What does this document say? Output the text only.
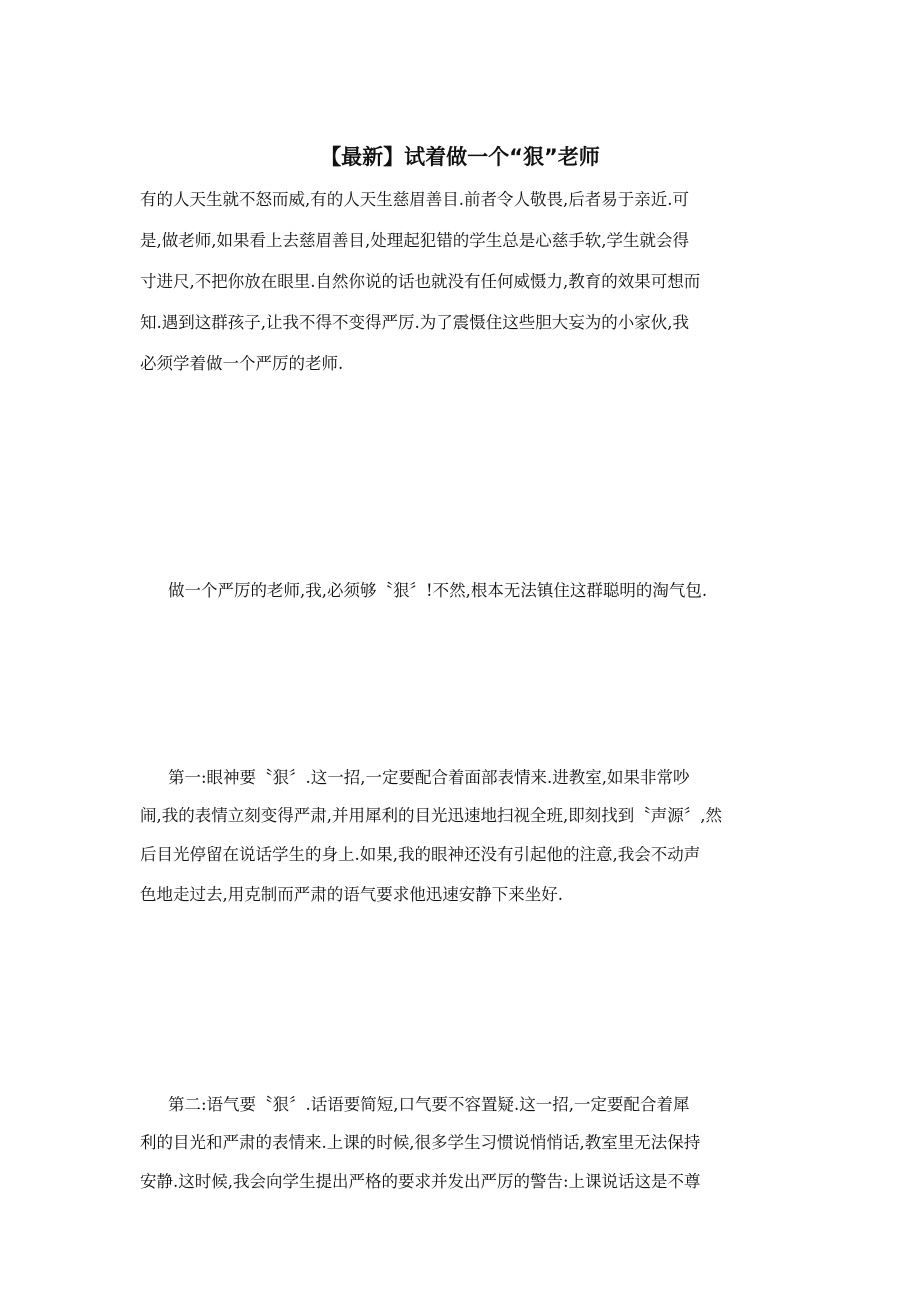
【最新】试着做一个“狠”老师
有的人天生就不怒而威,有的人天生慈眉善目.前者令人敬畏,后者易于亲近.可
是,做老师,如果看上去慈眉善目,处理起犯错的学生总是心慈手软,学生就会得
寸进尺,不把你放在眼里.自然你说的话也就没有任何威慑力,教育的效果可想而
知.遇到这群孩子,让我不得不变得严厉.为了震慑住这些胆大妄为的小家伙,我
必须学着做一个严厉的老师.
做一个严厉的老师,我,必须够〝狠〞!不然,根本无法镇住这群聪明的淘气包.
第一:眼神要〝狠〞.这一招,一定要配合着面部表情来.进教室,如果非常吵
闹,我的表情立刻变得严肃,并用犀利的目光迅速地扫视全班,即刻找到〝声源〞,然
后目光停留在说话学生的身上.如果,我的眼神还没有引起他的注意,我会不动声
色地走过去,用克制而严肃的语气要求他迅速安静下来坐好.
第二:语气要〝狠〞.话语要简短,口气要不容置疑.这一招,一定要配合着犀
利的目光和严肃的表情来.上课的时候,很多学生习惯说悄悄话,教室里无法保持
安静.这时候,我会向学生提出严格的要求并发出严厉的警告:上课说话这是不尊
